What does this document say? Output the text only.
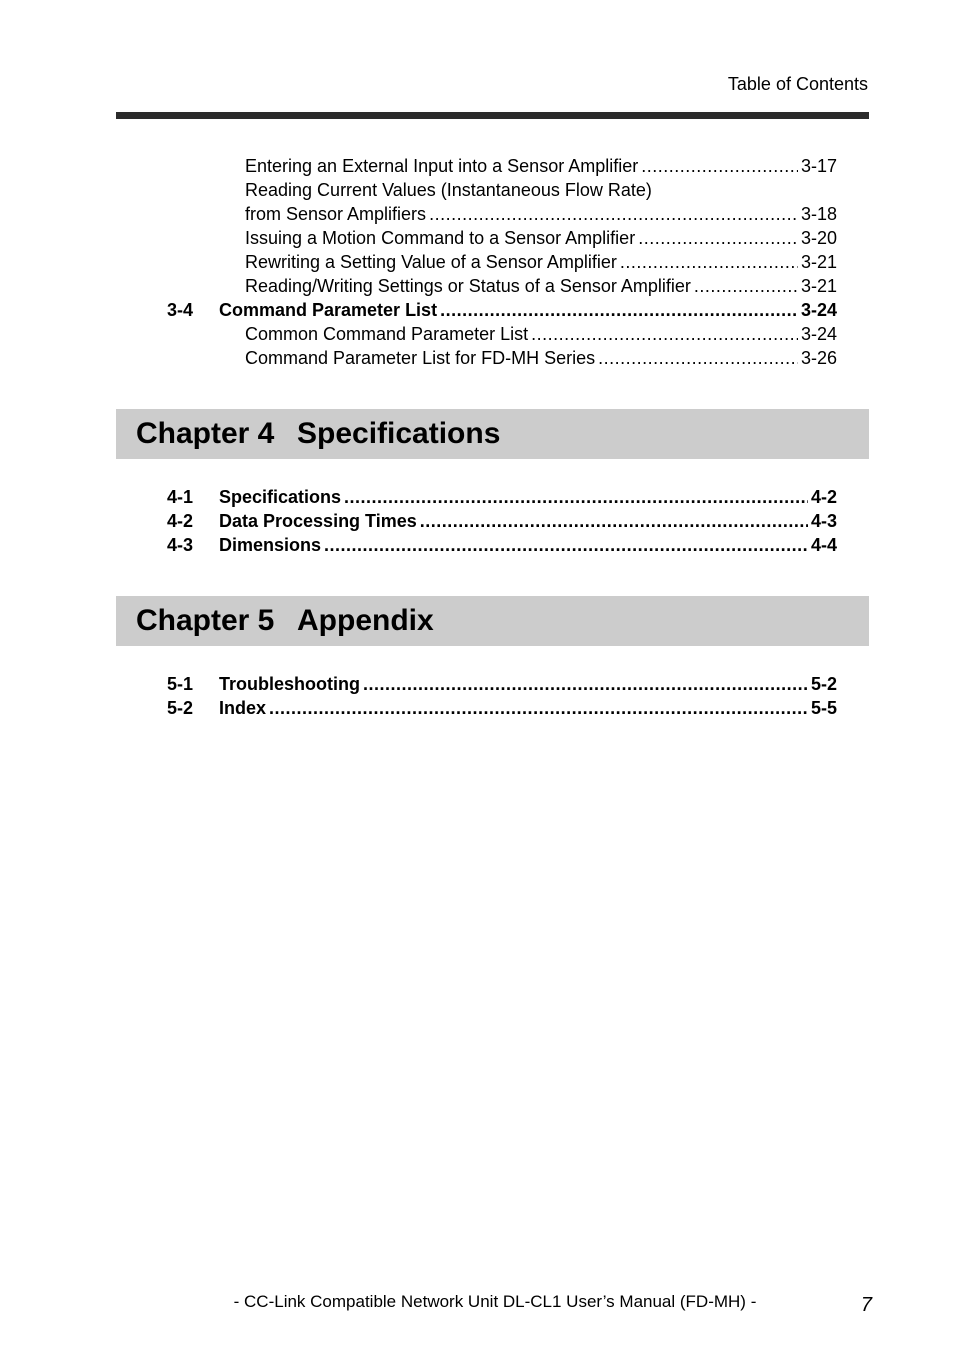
Table of Contents
Entering an External Input into a Sensor Amplifier .....	3-17
Reading Current Values (Instantaneous Flow Rate)
from Sensor Amplifiers .....	3-18
Issuing a Motion Command to a Sensor Amplifier .....	3-20
Rewriting a Setting Value of a Sensor Amplifier .....	3-21
Reading/Writing Settings or Status of a Sensor Amplifier .....	3-21
3-4	Command Parameter List .....	3-24
Common Command Parameter List .....	3-24
Command Parameter List for FD-MH Series .....	3-26
Chapter 4 Specifications
4-1	Specifications .....	4-2
4-2	Data Processing Times .....	4-3
4-3	Dimensions .....	4-4
Chapter 5 Appendix
5-1	Troubleshooting .....	5-2
5-2	Index .....	5-5
- CC-Link Compatible Network Unit DL-CL1 User’s Manual (FD-MH) -	7
